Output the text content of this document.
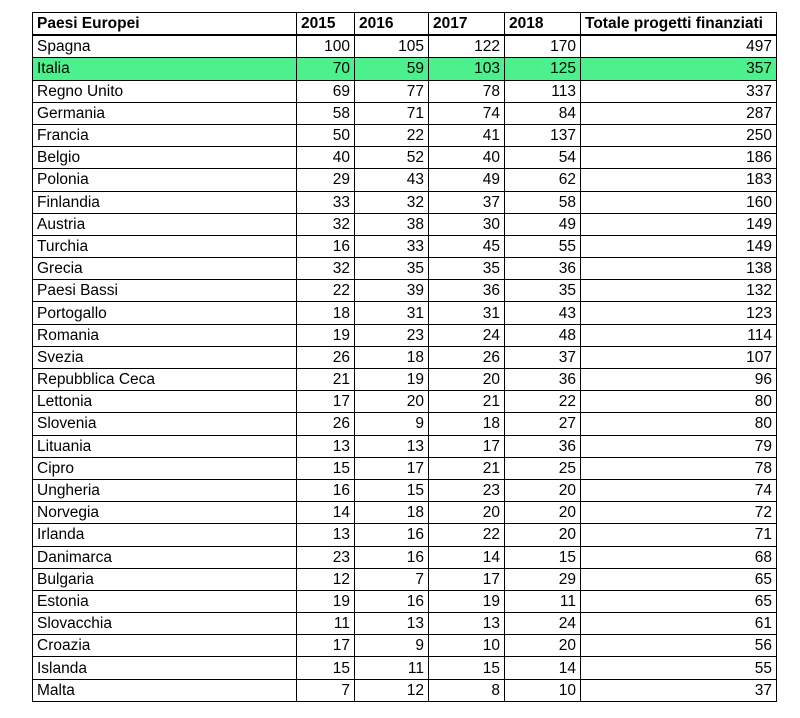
Paesi Europei	2015	2016	2017	2018	Totale progetti finanziati
Spagna	100	105	122	170	497
Italia	70	59	103	125	357
Regno Unito	69	77	78	113	337
Germania	58	71	74	84	287
Francia	50	22	41	137	250
Belgio	40	52	40	54	186
Polonia	29	43	49	62	183
Finlandia	33	32	37	58	160
Austria	32	38	30	49	149
Turchia	16	33	45	55	149
Grecia	32	35	35	36	138
Paesi Bassi	22	39	36	35	132
Portogallo	18	31	31	43	123
Romania	19	23	24	48	114
Svezia	26	18	26	37	107
Repubblica Ceca	21	19	20	36	96
Lettonia	17	20	21	22	80
Slovenia	26	9	18	27	80
Lituania	13	13	17	36	79
Cipro	15	17	21	25	78
Ungheria	16	15	23	20	74
Norvegia	14	18	20	20	72
Irlanda	13	16	22	20	71
Danimarca	23	16	14	15	68
Bulgaria	12	7	17	29	65
Estonia	19	16	19	11	65
Slovacchia	11	13	13	24	61
Croazia	17	9	10	20	56
Islanda	15	11	15	14	55
Malta	7	12	8	10	37
